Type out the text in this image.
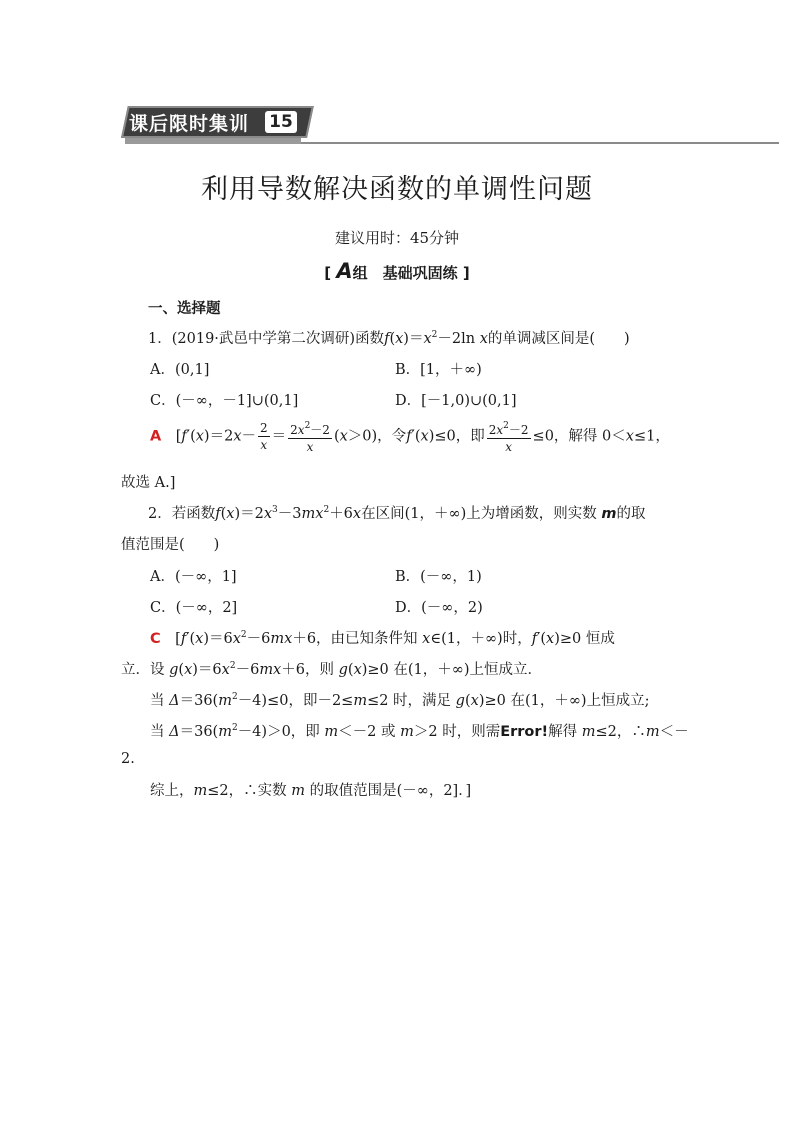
课后限时集训 15
利用导数解决函数的单调性问题
建议用时：45分钟
[ A组　基础巩固练 ]
一、选择题
1．(2019·武邑中学第二次调研)函数$f(x)=x^2-2\ln$ x的单调减区间是(　　)
A．(0,1]	B．[1，＋∞)
C．(－∞，－1]∪(0,1]	D．[－1,0)∪(0,1]
A　[$f'(x)=2x- \frac{2}{x} = \frac{2x^2-2}{x} (x>0)$，令f′(x)≤0，即 $\frac{2x^2-2}{x} \le 0$，解得 0＜x≤1，
故选 A.]
2．若函数$f(x)=2x^3-3mx^2+6x$在区间(1，＋∞)上为增函数，则实数 m的取
值范围是(　　)
A．(－∞，1]	B．(－∞，1)
C．(－∞，2]	D．(－∞，2)
C　[$f'(x)=6x^2-6mx+6$，由已知条件知 x∈(1，＋∞)时，f′(x)≥0 恒成
立．设 $g(x)=6x^2-6mx+6$，则 g(x)≥0 在(1，＋∞)上恒成立．
当 $\Delta=36(m^2-4)\le 0$，即－2≤m≤2 时，满足 g(x)≥0 在(1，＋∞)上恒成立;
当 $\Delta=36(m^2-4)>0$，即 m＜－2 或 m＞2 时，则需Error!解得 m≤2，∴m＜－
2.
综上，m≤2，∴实数 m 的取值范围是(－∞，2]．]
